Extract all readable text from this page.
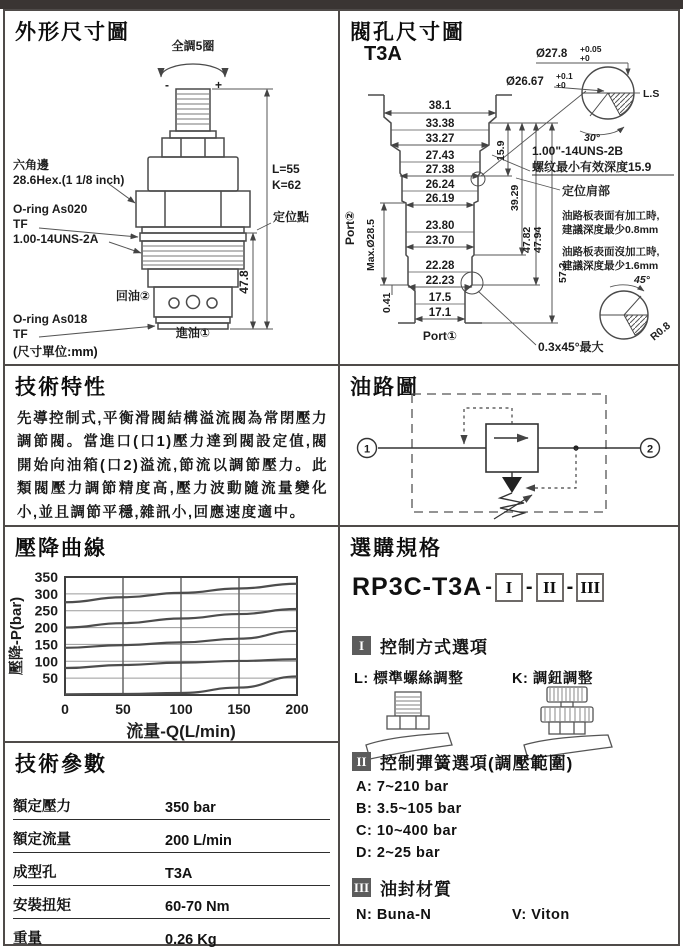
外形尺寸圖
全調5圈
-	+
六角邊
28.6Hex.(1 1/8 inch)
O-ring As020
TF
1.00-14UNS-2A
定位點
L=55
K=62
47.8
回油②
O-ring As018
TF	進油①
(尺寸單位:mm)
閥孔尺寸圖
T3A
38.1
33.38
33.27
27.43
27.38
26.24
26.19
23.80
23.70
22.28
22.23
17.5
17.1
Port② Max.Ø28.5
0.41
15.9
39.29
47.82 47.94
57.2
Ø27.8 +0.05
+0
Ø26.67 +0.1
+0
L.S
30°
1.00"-14UNS-2B
螺纹最小有效深度15.9
定位肩部
油路板表面有加工時,
建議深度最少0.8mm
油路板表面沒加工時,
建議深度最少1.6mm
Port①
0.3x45°最大
45°
R0.8
技術特性
先導控制式,平衡滑閥結構溢流閥為常閉壓力調節閥。當進口(口1)壓力達到閥設定值,閥開始向油箱(口2)溢流,節流以調節壓力。此類閥壓力調節精度高,壓力波動隨流量變化小,並且調節平穩,雜訊小,回應速度適中。
油路圖
1	2
壓降曲線
50
100
150
200
250
300
350
0	50	100 150 200
壓降-P(bar)
流量-Q(L/min)
技術參數
額定壓力	350 bar
額定流量	200 L/min
成型孔	T3A
安裝扭矩	60-70 Nm
重量	0.26 Kg
選購規格
RP3C-T3A - I - II - III
I 控制方式選項
L: 標準螺絲調整	K: 調鈕調整
II 控制彈簧選項(調壓範圍)
A: 7~210 bar
B: 3.5~105 bar
C: 10~400 bar
D: 2~25 bar
III 油封材質
N: Buna-N	V: Viton
